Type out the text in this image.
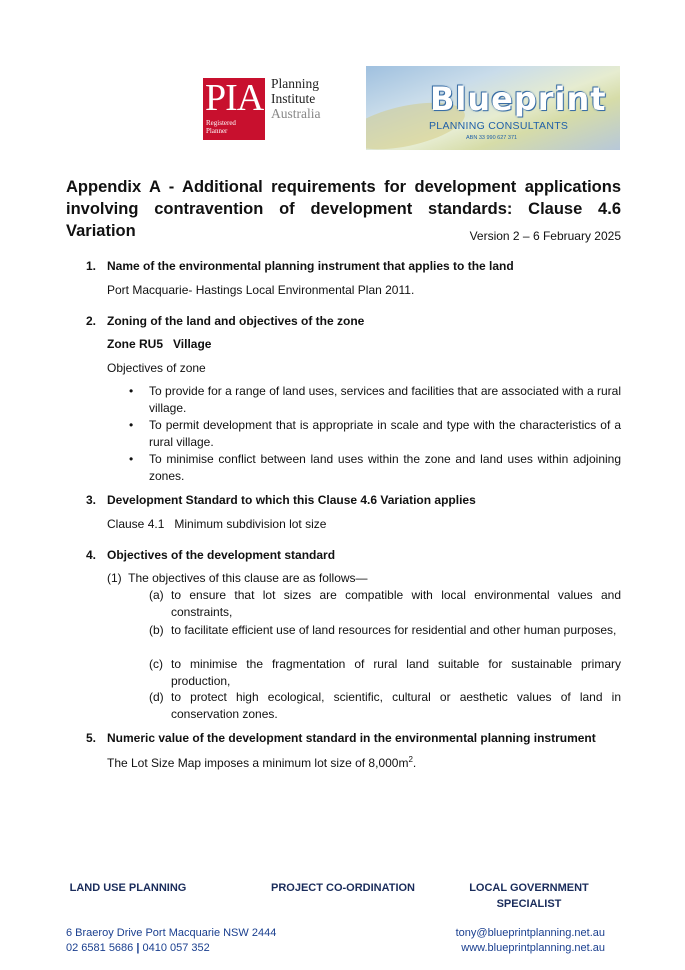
PIA
Registered Planner
Planning
Institute
Australia	Blueprint
PLANNING CONSULTANTS
ABN 33 990 627 371
Appendix A - Additional requirements for development applications involving contravention of development standards: Clause 4.6 Variation	Version 2 – 6 February 2025
1. Name of the environmental planning instrument that applies to the land
Port Macquarie- Hastings Local Environmental Plan 2011.
2. Zoning of the land and objectives of the zone
Zone RU5   Village
Objectives of zone
• To provide for a range of land uses, services and facilities that are associated with a rural village.
• To permit development that is appropriate in scale and type with the characteristics of a rural village.
• To minimise conflict between land uses within the zone and land uses within adjoining zones.
3. Development Standard to which this Clause 4.6 Variation applies
Clause 4.1   Minimum subdivision lot size
4. Objectives of the development standard
(1)  The objectives of this clause are as follows—
(a) to ensure that lot sizes are compatible with local environmental values and constraints,
(b) to facilitate efficient use of land resources for residential and other human purposes,
(c) to minimise the fragmentation of rural land suitable for sustainable primary production,
(d) to protect high ecological, scientific, cultural or aesthetic values of land in conservation zones.
5. Numeric value of the development standard in the environmental planning instrument
The Lot Size Map imposes a minimum lot size of $8,000m^2$.
LAND USE PLANNING	PROJECT CO-ORDINATION	LOCAL GOVERNMENT
SPECIALIST
6 Braeroy Drive Port Macquarie NSW 2444
02 6581 5686 | 0410 057 352
tony@blueprintplanning.net.au
www.blueprintplanning.net.au
